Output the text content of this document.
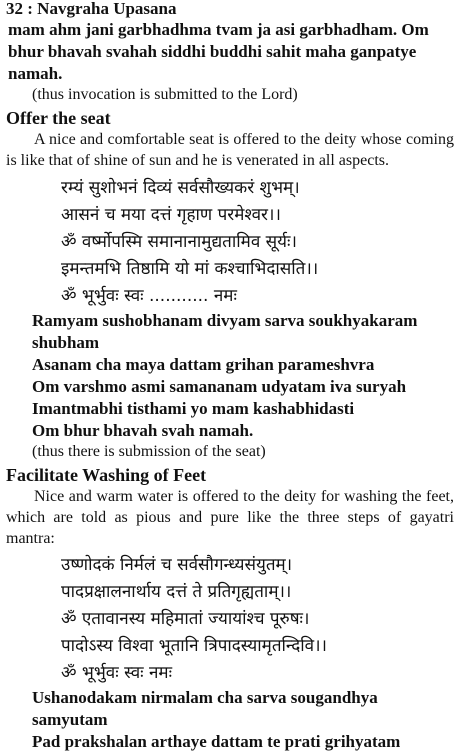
32 : Navgraha Upasana
mam ahm jani garbhadhma tvam ja asi garbhadham. Om
bhur bhavah svahah siddhi buddhi sahit maha ganpatye
namah.
(thus invocation is submitted to the Lord)
Offer the seat
A nice and comfortable seat is offered to the deity whose coming is like that of shine of sun and he is venerated in all aspects.
रम्यं सुशोभनं दिव्यं सर्वसौख्यकरं शुभम्।
आसनं च मया दत्तं गृहाण परमेश्वर।।
ॐ वर्ष्मोपस्मि समानानामुद्यतामिव सूर्यः।
इमन्तमभि तिष्ठामि यो मां कश्चाभिदासति।।
ॐ भूर्भुवः स्वः ........... नमः
Ramyam sushobhanam divyam sarva soukhyakaram shubham
Asanam cha maya dattam grihan parameshvra
Om varshmo asmi samananam udyatam iva suryah
Imantmabhi tisthami yo mam kashabhidasti
Om bhur bhavah svah namah.
(thus there is submission of the seat)
Facilitate Washing of Feet
Nice and warm water is offered to the deity for washing the feet, which are told as pious and pure like the three steps of gayatri mantra:
उष्णोदकं निर्मलं च सर्वसौगन्ध्यसंयुतम्।
पादप्रक्षालनार्थाय दत्तं ते प्रतिगृह्यताम्।।
ॐ एतावानस्य महिमातां ज्यायांश्च पूरुषः।
पादोऽस्य विश्वा भूतानि त्रिपादस्यामृतन्दिवि।।
ॐ भूर्भुवः स्वः नमः
Ushanodakam nirmalam cha sarva sougandhya samyutam
Pad prakshalan arthaye dattam te prati grihyatam
